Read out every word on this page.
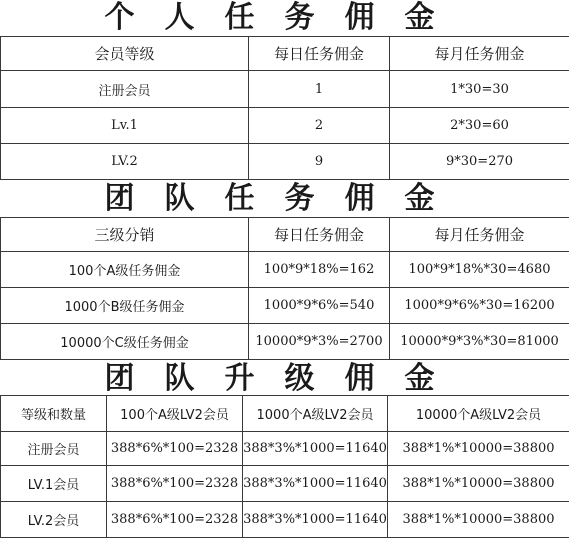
个人任务佣金
会员等级	每日任务佣金	每月任务佣金
注册会员	1	1*30=30
Lv.1	2	2*30=60
LV.2	9	9*30=270
团队任务佣金
三级分销	每日任务佣金	每月任务佣金
100个A级任务佣金	100*9*18%=162	100*9*18%*30=4680
1000个B级任务佣金	1000*9*6%=540	1000*9*6%*30=16200
10000个C级任务佣金	10000*9*3%=2700	10000*9*3%*30=81000
团队升级佣金
等级和数量	100个A级LV2会员	1000个A级LV2会员	10000个A级LV2会员
注册会员	388*6%*100=2328	388*3%*1000=11640	388*1%*10000=38800
LV.1会员	388*6%*100=2328	388*3%*1000=11640	388*1%*10000=38800
LV.2会员	388*6%*100=2328	388*3%*1000=11640	388*1%*10000=38800
